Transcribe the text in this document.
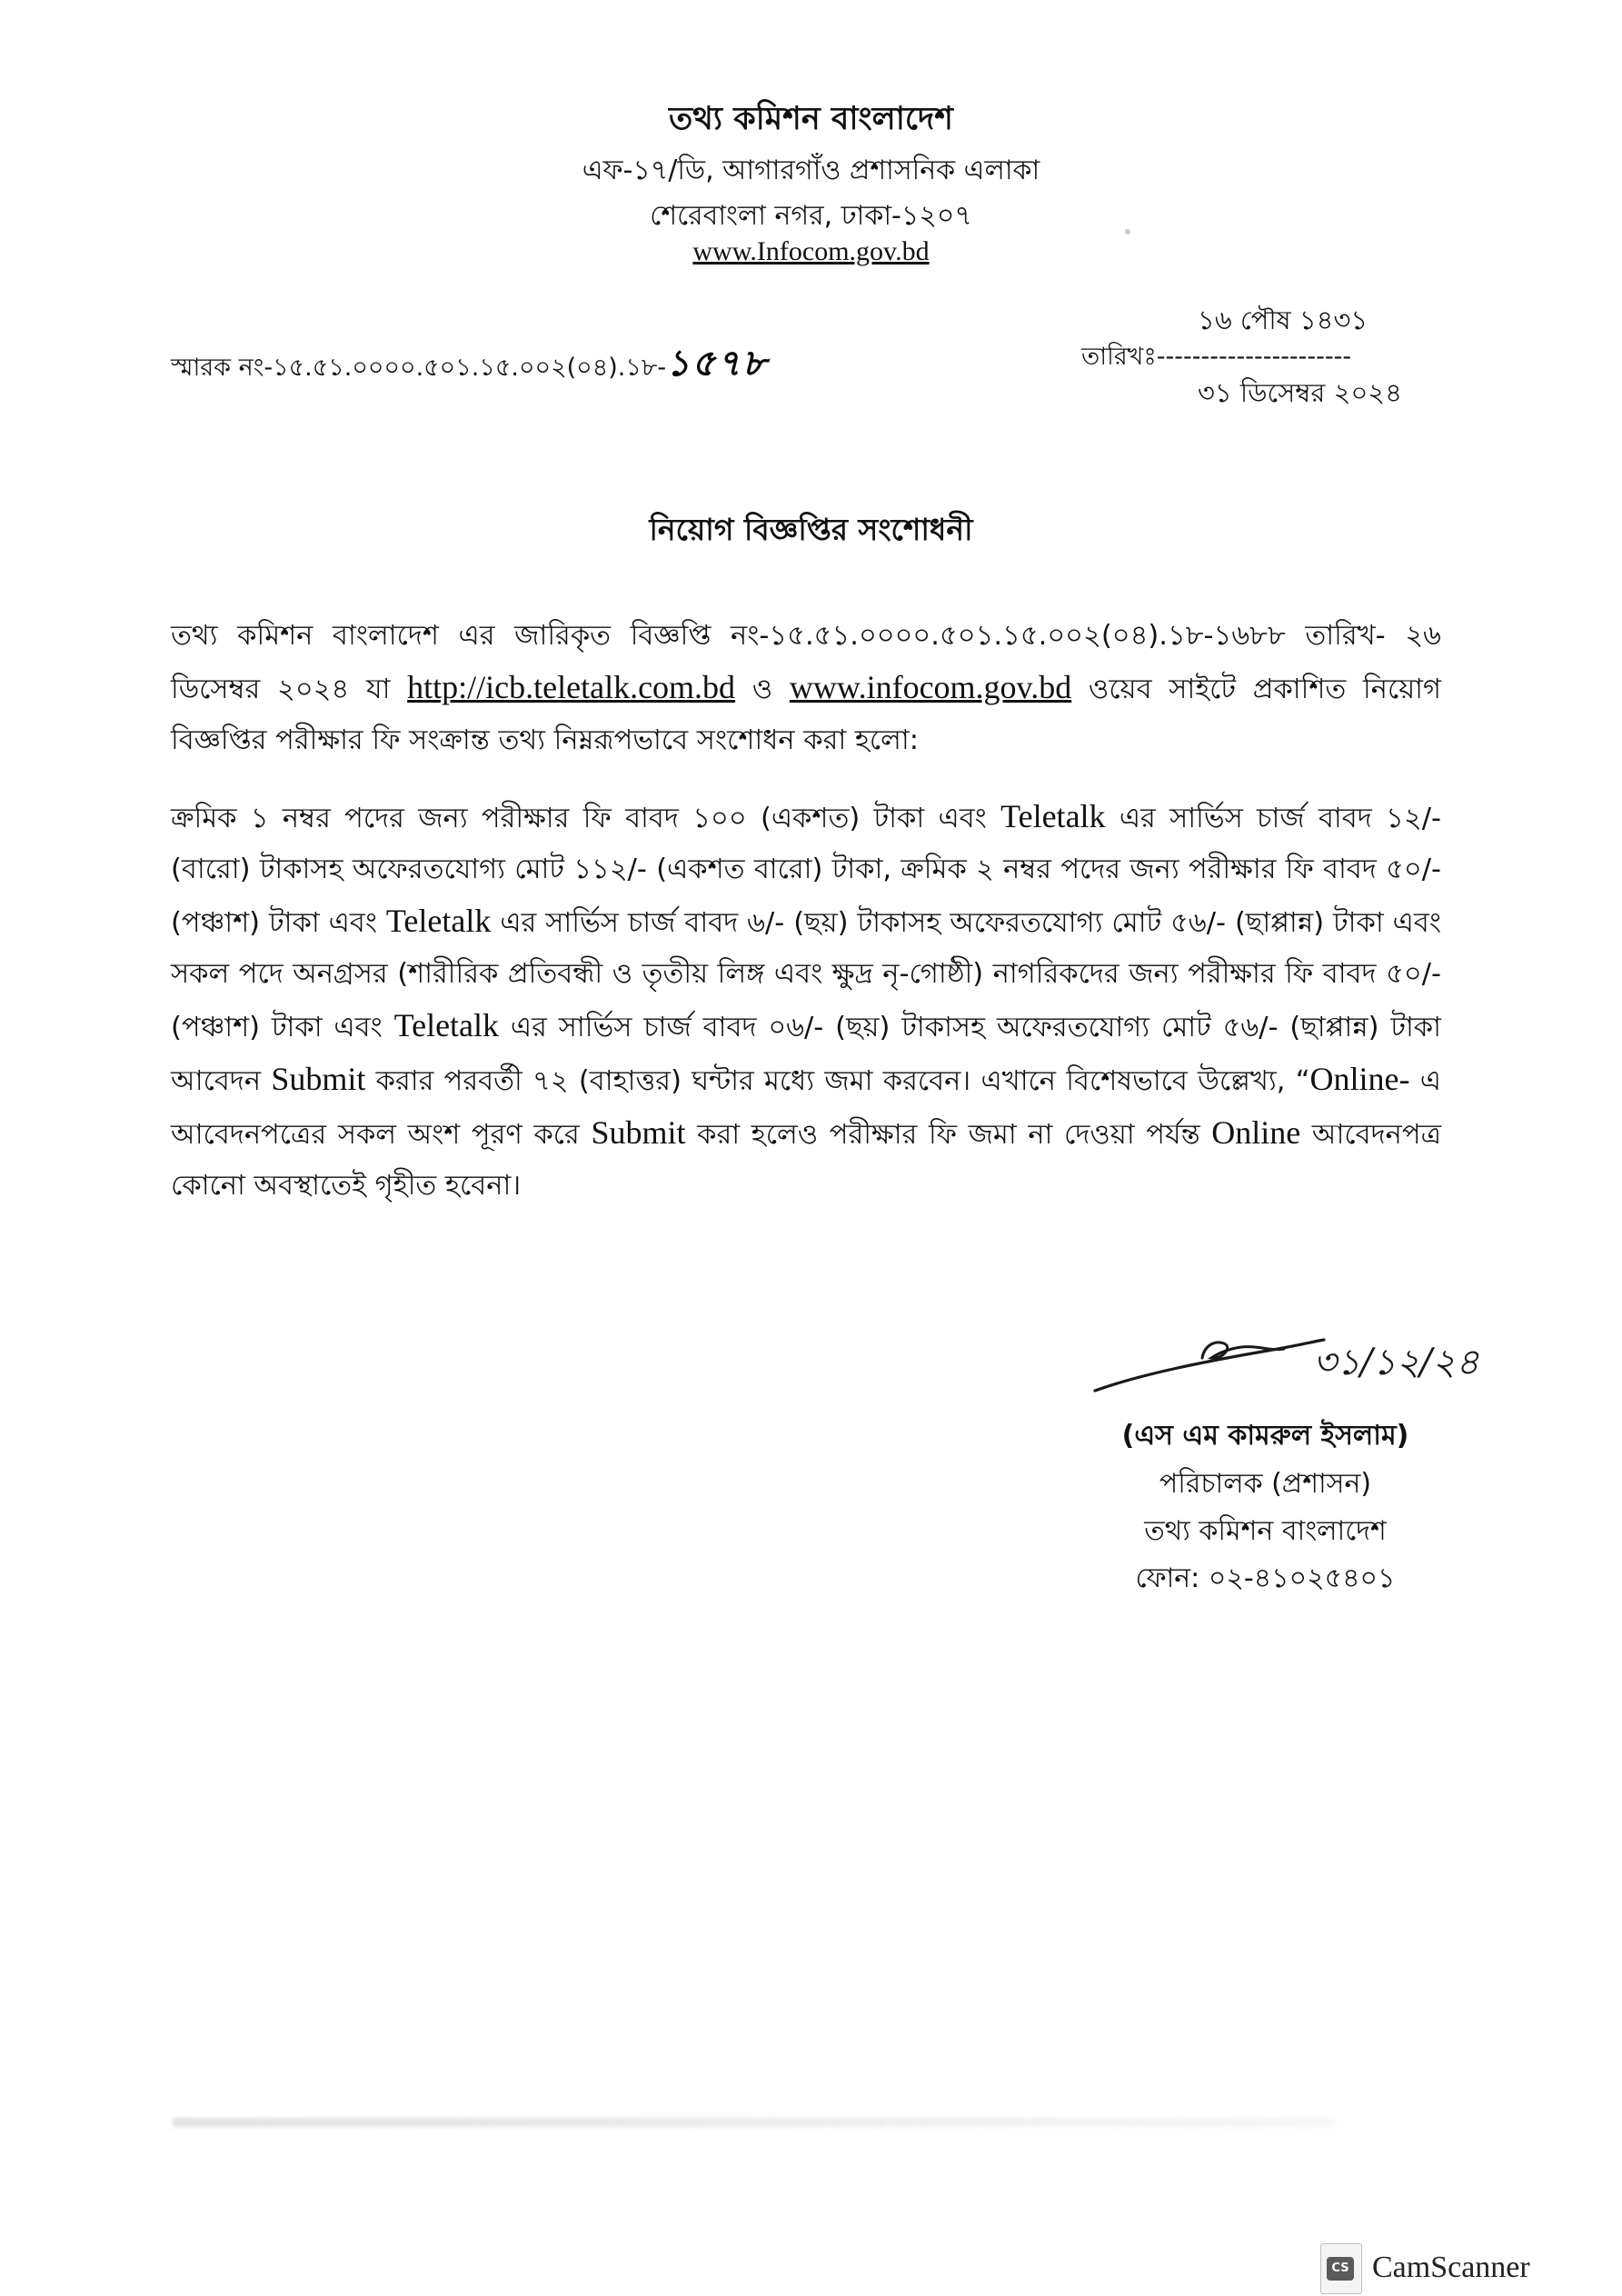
তথ্য কমিশন বাংলাদেশ
এফ-১৭/ডি, আগারগাঁও প্রশাসনিক এলাকা
শেরেবাংলা নগর, ঢাকা-১২০৭
www.Infocom.gov.bd
স্মারক নং-১৫.৫১.০০০০.৫০১.১৫.০০২(০৪).১৮-১৫৭৮
১৬ পৌষ ১৪৩১
তারিখঃ----------------------
৩১ ডিসেম্বর ২০২৪
নিয়োগ বিজ্ঞপ্তির সংশোধনী
তথ্য কমিশন বাংলাদেশ এর জারিকৃত বিজ্ঞপ্তি নং-১৫.৫১.০০০০.৫০১.১৫.০০২(০৪).১৮-১৬৮৮ তারিখ- ২৬ ডিসেম্বর ২০২৪ যা http://icb.teletalk.com.bd ও www.infocom.gov.bd ওয়েব সাইটে প্রকাশিত নিয়োগ বিজ্ঞপ্তির পরীক্ষার ফি সংক্রান্ত তথ্য নিম্নরূপভাবে সংশোধন করা হলো:
ক্রমিক ১ নম্বর পদের জন্য পরীক্ষার ফি বাবদ ১০০ (একশত) টাকা এবং Teletalk এর সার্ভিস চার্জ বাবদ ১২/- (বারো) টাকাসহ অফেরতযোগ্য মোট ১১২/- (একশত বারো) টাকা, ক্রমিক ২ নম্বর পদের জন্য পরীক্ষার ফি বাবদ ৫০/- (পঞ্চাশ) টাকা এবং Teletalk এর সার্ভিস চার্জ বাবদ ৬/- (ছয়) টাকাসহ অফেরতযোগ্য মোট ৫৬/- (ছাপ্পান্ন) টাকা এবং সকল পদে অনগ্রসর (শারীরিক প্রতিবন্ধী ও তৃতীয় লিঙ্গ এবং ক্ষুদ্র নৃ-গোষ্ঠী) নাগরিকদের জন্য পরীক্ষার ফি বাবদ ৫০/- (পঞ্চাশ) টাকা এবং Teletalk এর সার্ভিস চার্জ বাবদ ০৬/- (ছয়) টাকাসহ অফেরতযোগ্য মোট ৫৬/- (ছাপ্পান্ন) টাকা আবেদন Submit করার পরবর্তী ৭২ (বাহাত্তর) ঘন্টার মধ্যে জমা করবেন। এখানে বিশেষভাবে উল্লেখ্য, “Online- এ আবেদনপত্রের সকল অংশ পূরণ করে Submit করা হলেও পরীক্ষার ফি জমা না দেওয়া পর্যন্ত Online আবেদনপত্র কোনো অবস্থাতেই গৃহীত হবেনা।
৩১/১২/২৪
(এস এম কামরুল ইসলাম)
পরিচালক (প্রশাসন)
তথ্য কমিশন বাংলাদেশ
ফোন: ০২-৪১০২৫৪০১
CS CamScanner
